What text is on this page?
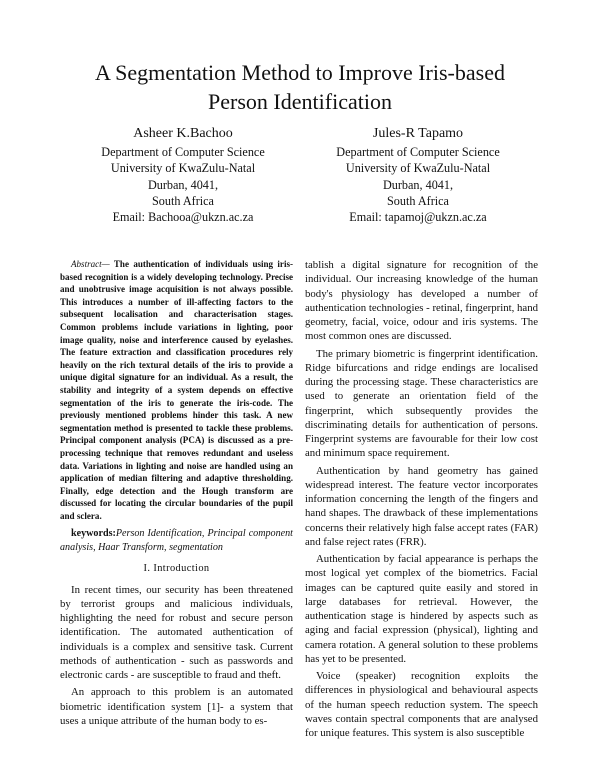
A Segmentation Method to Improve Iris-based
Person Identification
Asheer K.Bachoo
Department of Computer Science
University of KwaZulu-Natal
Durban, 4041,
South Africa
Email: Bachooa@ukzn.ac.za
Jules-R Tapamo
Department of Computer Science
University of KwaZulu-Natal
Durban, 4041,
South Africa
Email: tapamoj@ukzn.ac.za

Abstract— The authentication of individuals using iris-based recognition is a widely developing technology. Precise and unobtrusive image acquisition is not always possible. This introduces a number of ill-affecting factors to the subsequent localisation and characterisation stages. Common problems include variations in lighting, poor image quality, noise and interference caused by eyelashes. The feature extraction and classification procedures rely heavily on the rich textural details of the iris to provide a unique digital signature for an individual. As a result, the stability and integrity of a system depends on effective segmentation of the iris to generate the iris-code. The previously mentioned problems hinder this task. A new segmentation method is presented to tackle these problems. Principal component analysis (PCA) is discussed as a pre-processing technique that removes redundant and useless data. Variations in lighting and noise are handled using an application of median filtering and adaptive thresholding. Finally, edge detection and the Hough transform are discussed for locating the circular boundaries of the pupil and sclera.

keywords:Person Identification, Principal component analysis, Haar Transform, segmentation

I. Introduction

In recent times, our security has been threatened by terrorist groups and malicious individuals, highlighting the need for robust and secure person identification. The automated authentication of individuals is a complex and sensitive task. Current methods of authentication - such as passwords and electronic cards - are susceptible to fraud and theft.

An approach to this problem is an automated biometric identification system [1]- a system that uses a unique attribute of the human body to es-

tablish a digital signature for recognition of the individual. Our increasing knowledge of the human body's physiology has developed a number of authentication technologies - retinal, fingerprint, hand geometry, facial, voice, odour and iris systems. The most common ones are discussed.

The primary biometric is fingerprint identification. Ridge bifurcations and ridge endings are localised during the processing stage. These characteristics are used to generate an orientation field of the fingerprint, which subsequently provides the discriminating details for authentication of persons. Fingerprint systems are favourable for their low cost and minimum space requirement.

Authentication by hand geometry has gained widespread interest. The feature vector incorporates information concerning the length of the fingers and hand shapes. The drawback of these implementations concerns their relatively high false accept rates (FAR) and false reject rates (FRR).

Authentication by facial appearance is perhaps the most logical yet complex of the biometrics. Facial images can be captured quite easily and stored in large databases for retrieval. However, the authentication stage is hindered by aspects such as aging and facial expression (physical), lighting and camera rotation. A general solution to these problems has yet to be presented.

Voice (speaker) recognition exploits the differences in physiological and behavioural aspects of the human speech reduction system. The speech waves contain spectral components that are analysed for unique features. This system is also susceptible
